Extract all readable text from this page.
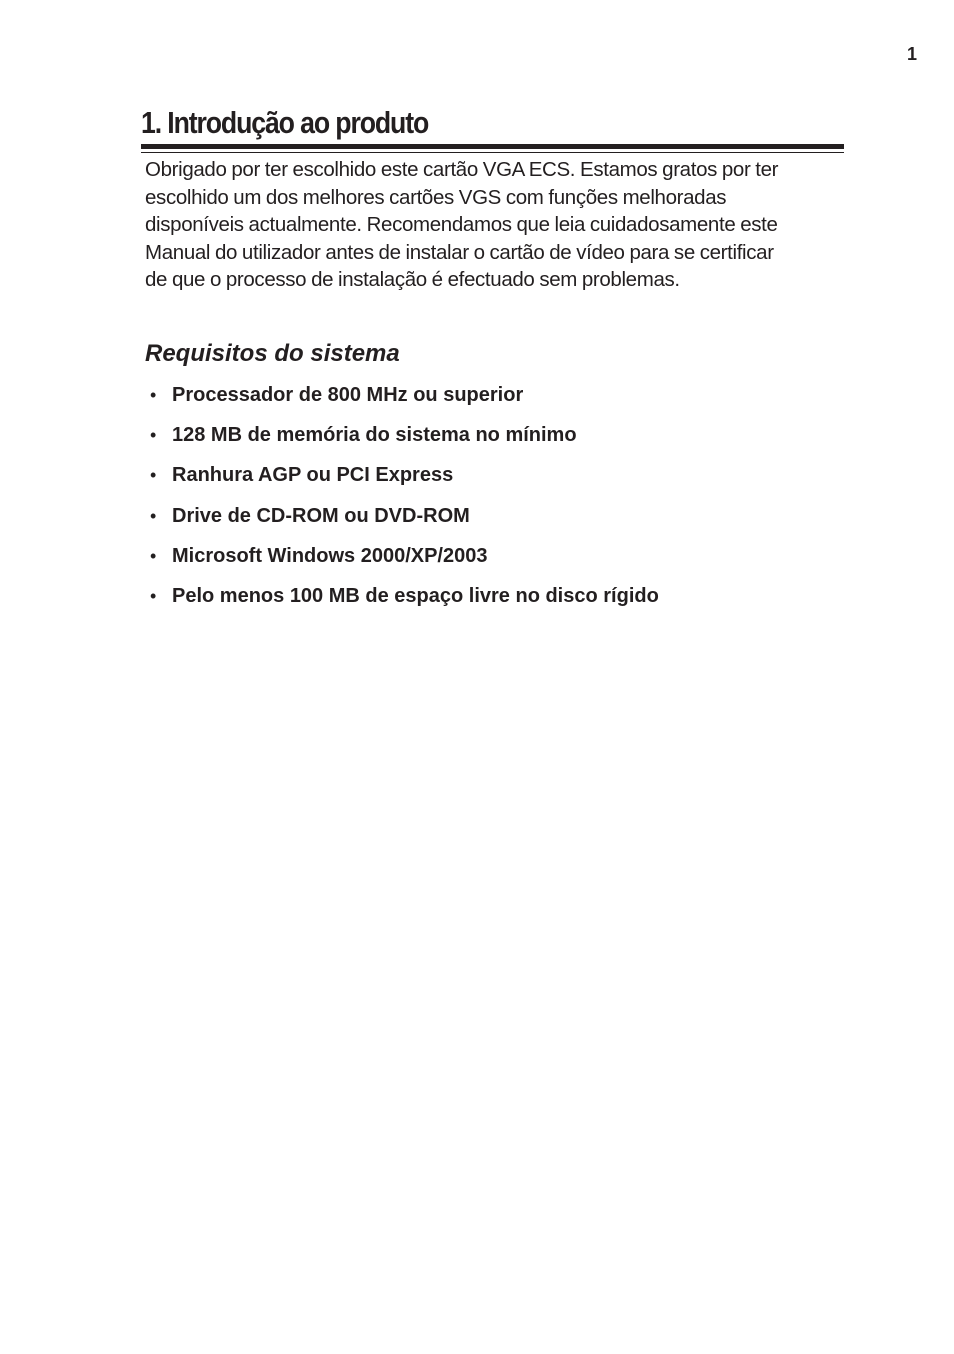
1
1. Introdução ao produto

Obrigado por ter escolhido este cartão VGA ECS. Estamos gratos por ter
escolhido um dos melhores cartões VGS com funções melhoradas
disponíveis actualmente. Recomendamos que leia cuidadosamente este
Manual do utilizador antes de instalar o cartão de vídeo para se certificar
de que o processo de instalação é efectuado sem problemas.

Requisitos do sistema
• Processador de 800 MHz ou superior
• 128 MB de memória do sistema no mínimo
• Ranhura AGP ou PCI Express
• Drive de CD-ROM ou DVD-ROM
• Microsoft Windows 2000/XP/2003
• Pelo menos 100 MB de espaço livre no disco rígido
